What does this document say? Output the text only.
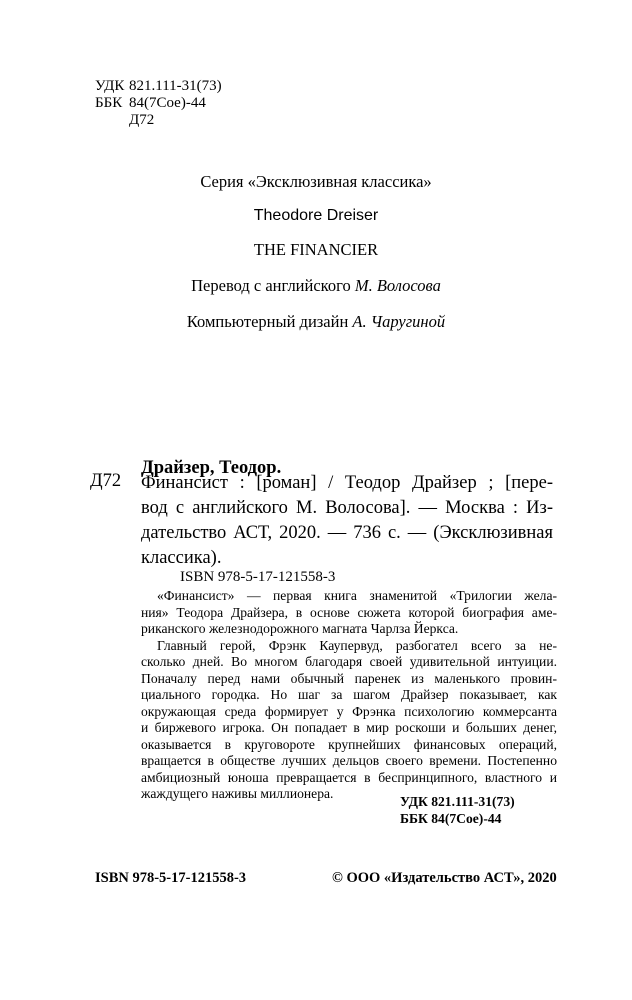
УДК 821.111-31(73)
ББК 84(7Сое)-44
Д72
Серия «Эксклюзивная классика»
Theodore Dreiser
THE FINANCIER
Перевод с английского М. Волосова
Компьютерный дизайн А. Чаругиной
Драйзер, Теодор.
Д72 Финансист : [роман] / Теодор Драйзер ; [пере-
вод с английского М. Волосова]. — Москва : Из-
дательство АСТ, 2020. — 736 с. — (Эксклюзивная
классика).
ISBN 978-5-17-121558-3
«Финансист» — первая книга знаменитой «Трилогии жела-
ния» Теодора Драйзера, в основе сюжета которой биография аме-
риканского железнодорожного магната Чарлза Йеркса.
Главный герой, Фрэнк Каупервуд, разбогател всего за не-
сколько дней. Во многом благодаря своей удивительной интуиции.
Поначалу перед нами обычный паренек из маленького провин-
циального городка. Но шаг за шагом Драйзер показывает, как
окружающая среда формирует у Фрэнка психологию коммерсанта
и биржевого игрока. Он попадает в мир роскоши и больших денег,
оказывается в круговороте крупнейших финансовых операций,
вращается в обществе лучших дельцов своего времени. Постепенно
амбициозный юноша превращается в беспринципного, властного и
жаждущего наживы миллионера.
УДК 821.111-31(73)
ББК 84(7Сое)-44
ISBN 978-5-17-121558-3	© ООО «Издательство АСТ», 2020
